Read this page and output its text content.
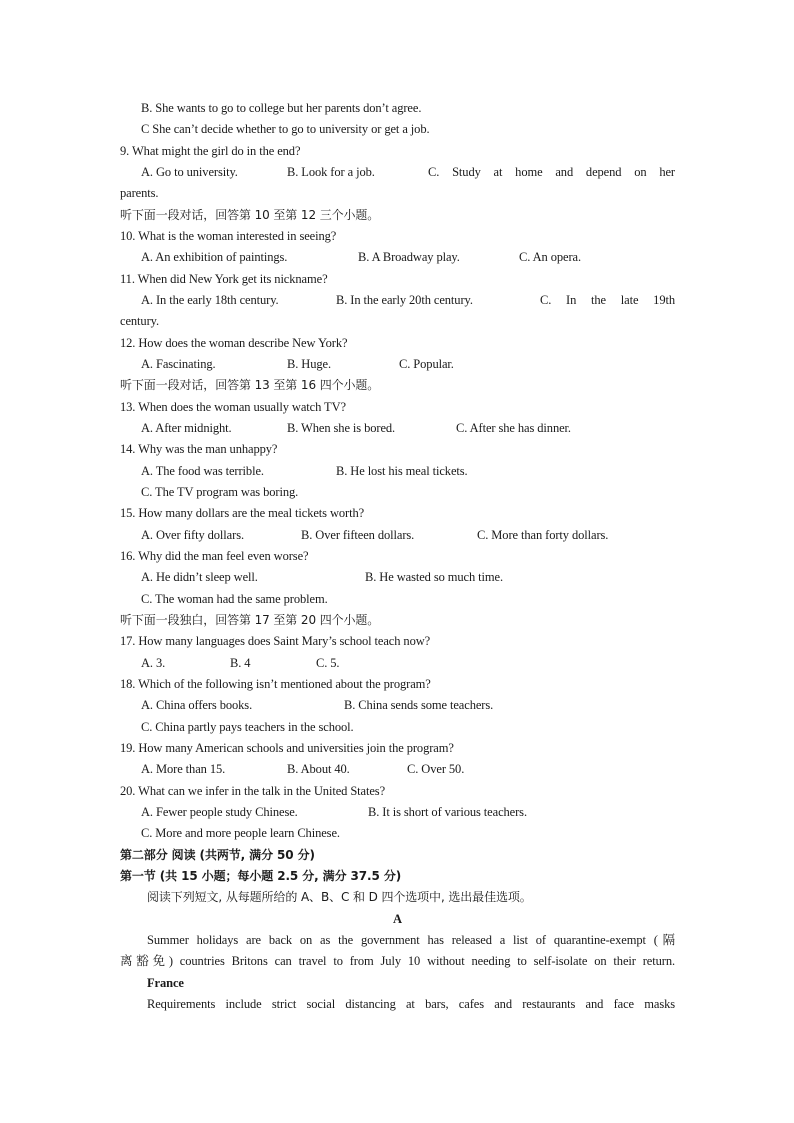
B. She wants to go to college but her parents don’t agree.
C She can’t decide whether to go to university or get a job.
9. What might the girl do in the end?
A. Go to university.	B. Look for a job.	C. Study at home and depend on her
parents.
听下面一段对话，回答第 10 至第 12 三个小题。
10. What is the woman interested in seeing?
A. An exhibition of paintings.	B. A Broadway play.	C. An opera.
11. When did New York get its nickname?
A. In the early 18th century.	B. In the early 20th century.	C. In the late 19th
century.
12. How does the woman describe New York?
A. Fascinating.	B. Huge.	C. Popular.
听下面一段对话，回答第 13 至第 16 四个小题。
13. When does the woman usually watch TV?
A. After midnight.	B. When she is bored.	C. After she has dinner.
14. Why was the man unhappy?
A. The food was terrible.	B. He lost his meal tickets.
C. The TV program was boring.
15. How many dollars are the meal tickets worth?
A. Over fifty dollars.	B. Over fifteen dollars.	C. More than forty dollars.
16. Why did the man feel even worse?
A. He didn’t sleep well.	B. He wasted so much time.
C. The woman had the same problem.
听下面一段独白，回答第 17 至第 20 四个小题。
17. How many languages does Saint Mary’s school teach now?
A. 3.	B. 4	C. 5.
18. Which of the following isn’t mentioned about the program?
A. China offers books.	B. China sends some teachers.
C. China partly pays teachers in the school.
19. How many American schools and universities join the program?
A. More than 15.	B. About 40.	C. Over 50.
20. What can we infer in the talk in the United States?
A. Fewer people study Chinese.	B. It is short of various teachers.
C. More and more people learn Chinese.
第二部分 阅读 (共两节, 满分 50 分)
第一节 (共 15 小题；每小题 2.5 分, 满分 37.5 分)
阅读下列短文, 从每题所给的 A、B、C 和 D 四个选项中, 选出最佳选项。
A
Summer holidays are back on as the government has released a list of quarantine-exempt (隔
离豁免) countries Britons can travel to from July 10 without needing to self-isolate on their return.
France
Requirements include strict social distancing at bars, cafes and restaurants and face masks
